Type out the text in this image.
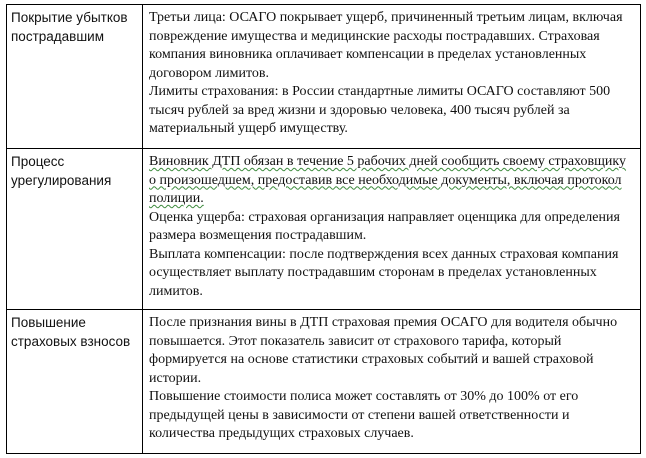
Покрытие убытков пострадавшим	Третьи лица: ОСАГО покрывает ущерб, причиненный третьим лицам, включая повреждение имущества и медицинские расходы пострадавших. Страховая компания виновника оплачивает компенсации в пределах установленных договором лимитов.
Лимиты страхования: в России стандартные лимиты ОСАГО составляют 500 тысяч рублей за вред жизни и здоровью человека, 400 тысяч рублей за материальный ущерб имуществу.

Процесс урегулирования	Виновник ДТП обязан в течение 5 рабочих дней сообщить своему страховщику о произошедшем, предоставив все необходимые документы, включая протокол полиции.
Оценка ущерба: страховая организация направляет оценщика для определения размера возмещения пострадавшим.
Выплата компенсации: после подтверждения всех данных страховая компания осуществляет выплату пострадавшим сторонам в пределах установленных лимитов.

Повышение страховых взносов	После признания вины в ДТП страховая премия ОСАГО для водителя обычно повышается. Этот показатель зависит от страхового тарифа, который формируется на основе статистики страховых событий и вашей страховой истории.
Повышение стоимости полиса может составлять от 30% до 100% от его предыдущей цены в зависимости от степени вашей ответственности и количества предыдущих страховых случаев.
